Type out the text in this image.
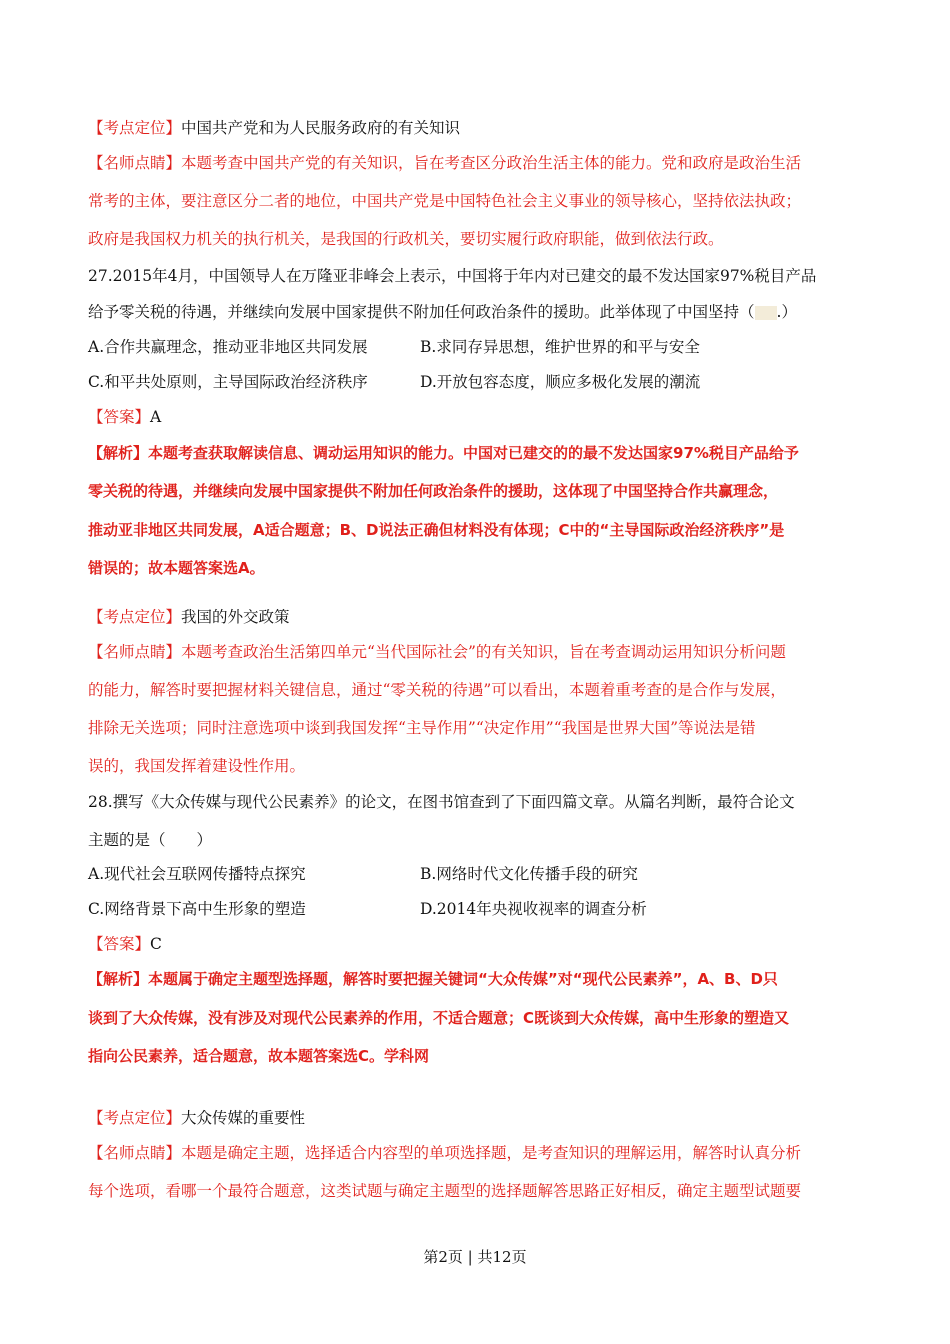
【考点定位】中国共产党和为人民服务政府的有关知识
【名师点睛】本题考查中国共产党的有关知识，旨在考查区分政治生活主体的能力。党和政府是政治生活
常考的主体，要注意区分二者的地位，中国共产党是中国特色社会主义事业的领导核心，坚持依法执政；
政府是我国权力机关的执行机关，是我国的行政机关，要切实履行政府职能，做到依法行政。
27.2015年4月，中国领导人在万隆亚非峰会上表示，中国将于年内对已建交的最不发达国家97%税目产品
给予零关税的待遇，并继续向发展中国家提供不附加任何政治条件的援助。此举体现了中国坚持（ .）
A.合作共赢理念，推动亚非地区共同发展	B.求同存异思想，维护世界的和平与安全
C.和平共处原则，主导国际政治经济秩序	D.开放包容态度，顺应多极化发展的潮流
【答案】A
【解析】本题考查获取解读信息、调动运用知识的能力。中国对已建交的的最不发达国家97%税目产品给予
零关税的待遇，并继续向发展中国家提供不附加任何政治条件的援助，这体现了中国坚持合作共赢理念，
推动亚非地区共同发展，A适合题意；B、D说法正确但材料没有体现；C中的“主导国际政治经济秩序”是
错误的；故本题答案选A。
【考点定位】我国的外交政策
【名师点睛】本题考查政治生活第四单元“当代国际社会”的有关知识，旨在考查调动运用知识分析问题
的能力，解答时要把握材料关键信息，通过“零关税的待遇”可以看出，本题着重考查的是合作与发展，
排除无关选项；同时注意选项中谈到我国发挥“主导作用”“决定作用”“我国是世界大国”等说法是错
误的，我国发挥着建设性作用。
28.撰写《大众传媒与现代公民素养》的论文，在图书馆查到了下面四篇文章。从篇名判断，最符合论文
主题的是（　　）
A.现代社会互联网传播特点探究	B.网络时代文化传播手段的研究
C.网络背景下高中生形象的塑造	D.2014年央视收视率的调查分析
【答案】C
【解析】本题属于确定主题型选择题，解答时要把握关键词“大众传媒”对“现代公民素养”，A、B、D只
谈到了大众传媒，没有涉及对现代公民素养的作用，不适合题意；C既谈到大众传媒，高中生形象的塑造又
指向公民素养，适合题意，故本题答案选C。学科网
【考点定位】大众传媒的重要性
【名师点睛】本题是确定主题，选择适合内容型的单项选择题，是考查知识的理解运用，解答时认真分析
每个选项，看哪一个最符合题意，这类试题与确定主题型的选择题解答思路正好相反，确定主题型试题要
第2页 | 共12页
